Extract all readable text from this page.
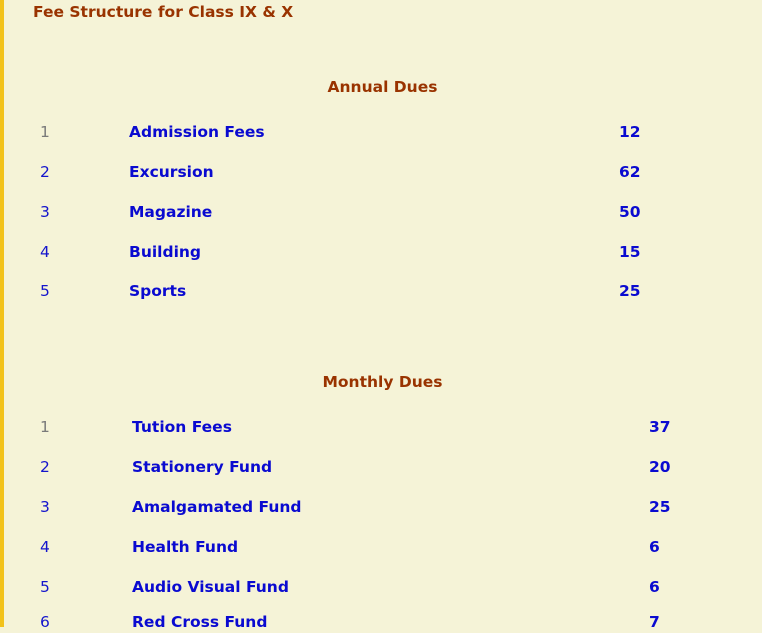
Fee Structure for Class IX & X
Annual Dues
1	Admission Fees	12
2	Excursion	62
3	Magazine	50
4	Building	15
5	Sports	25
Monthly Dues
1	Tution Fees	37
2	Stationery Fund	20
3	Amalgamated Fund	25
4	Health Fund	6
5	Audio Visual Fund	6
6	Red Cross Fund	7
